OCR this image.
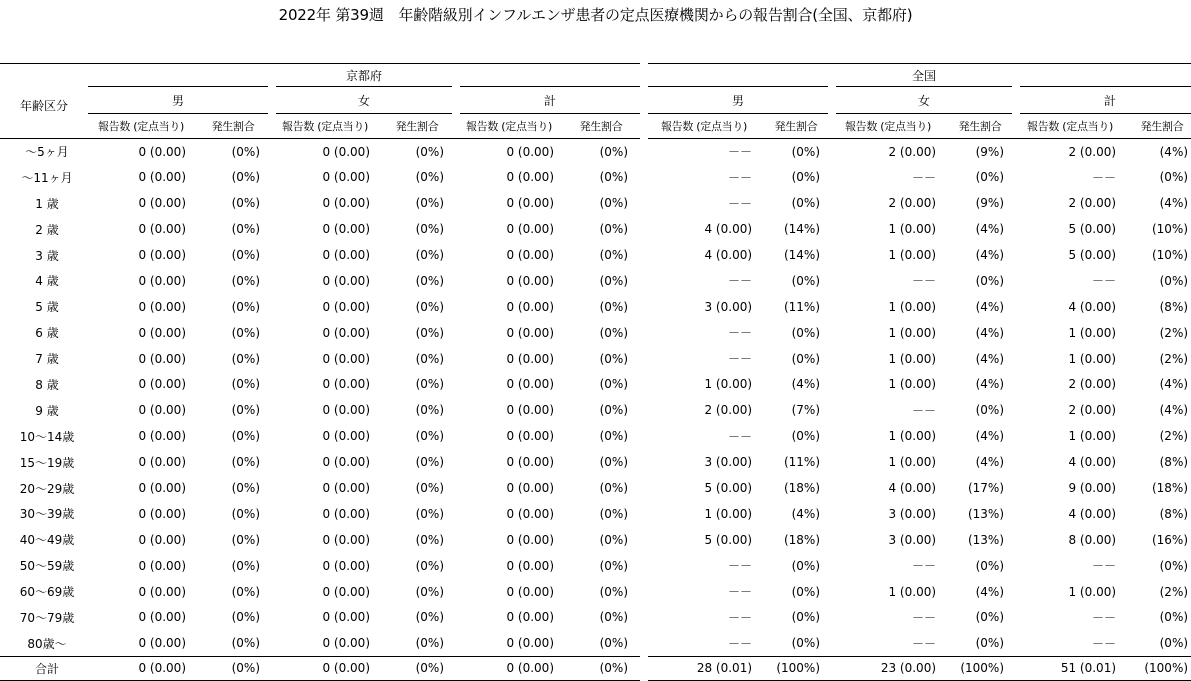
2022年 第39週　年齢階級別インフルエンザ患者の定点医療機関からの報告割合(全国、京都府)
年齢区分	京都府							全国					
	男		女		計			男		女		計	
	報告数 (定点当り)	発生割合	報告数 (定点当り)	発生割合	報告数 (定点当り)	発生割合		報告数 (定点当り)	発生割合	報告数 (定点当り)	発生割合	報告数 (定点当り)	発生割合
～5ヶ月	0 (0.00)	(0%)	0 (0.00)	(0%)	0 (0.00)	(0%)		－－	(0%)	2 (0.00)	(9%)	2 (0.00)	(4%)
～11ヶ月	0 (0.00)	(0%)	0 (0.00)	(0%)	0 (0.00)	(0%)		－－	(0%)	－－	(0%)	－－	(0%)
1 歳	0 (0.00)	(0%)	0 (0.00)	(0%)	0 (0.00)	(0%)		－－	(0%)	2 (0.00)	(9%)	2 (0.00)	(4%)
2 歳	0 (0.00)	(0%)	0 (0.00)	(0%)	0 (0.00)	(0%)		4 (0.00)	(14%)	1 (0.00)	(4%)	5 (0.00)	(10%)
3 歳	0 (0.00)	(0%)	0 (0.00)	(0%)	0 (0.00)	(0%)		4 (0.00)	(14%)	1 (0.00)	(4%)	5 (0.00)	(10%)
4 歳	0 (0.00)	(0%)	0 (0.00)	(0%)	0 (0.00)	(0%)		－－	(0%)	－－	(0%)	－－	(0%)
5 歳	0 (0.00)	(0%)	0 (0.00)	(0%)	0 (0.00)	(0%)		3 (0.00)	(11%)	1 (0.00)	(4%)	4 (0.00)	(8%)
6 歳	0 (0.00)	(0%)	0 (0.00)	(0%)	0 (0.00)	(0%)		－－	(0%)	1 (0.00)	(4%)	1 (0.00)	(2%)
7 歳	0 (0.00)	(0%)	0 (0.00)	(0%)	0 (0.00)	(0%)		－－	(0%)	1 (0.00)	(4%)	1 (0.00)	(2%)
8 歳	0 (0.00)	(0%)	0 (0.00)	(0%)	0 (0.00)	(0%)		1 (0.00)	(4%)	1 (0.00)	(4%)	2 (0.00)	(4%)
9 歳	0 (0.00)	(0%)	0 (0.00)	(0%)	0 (0.00)	(0%)		2 (0.00)	(7%)	－－	(0%)	2 (0.00)	(4%)
10～14歳	0 (0.00)	(0%)	0 (0.00)	(0%)	0 (0.00)	(0%)		－－	(0%)	1 (0.00)	(4%)	1 (0.00)	(2%)
15～19歳	0 (0.00)	(0%)	0 (0.00)	(0%)	0 (0.00)	(0%)		3 (0.00)	(11%)	1 (0.00)	(4%)	4 (0.00)	(8%)
20～29歳	0 (0.00)	(0%)	0 (0.00)	(0%)	0 (0.00)	(0%)		5 (0.00)	(18%)	4 (0.00)	(17%)	9 (0.00)	(18%)
30～39歳	0 (0.00)	(0%)	0 (0.00)	(0%)	0 (0.00)	(0%)		1 (0.00)	(4%)	3 (0.00)	(13%)	4 (0.00)	(8%)
40～49歳	0 (0.00)	(0%)	0 (0.00)	(0%)	0 (0.00)	(0%)		5 (0.00)	(18%)	3 (0.00)	(13%)	8 (0.00)	(16%)
50～59歳	0 (0.00)	(0%)	0 (0.00)	(0%)	0 (0.00)	(0%)		－－	(0%)	－－	(0%)	－－	(0%)
60～69歳	0 (0.00)	(0%)	0 (0.00)	(0%)	0 (0.00)	(0%)		－－	(0%)	1 (0.00)	(4%)	1 (0.00)	(2%)
70～79歳	0 (0.00)	(0%)	0 (0.00)	(0%)	0 (0.00)	(0%)		－－	(0%)	－－	(0%)	－－	(0%)
80歳～	0 (0.00)	(0%)	0 (0.00)	(0%)	0 (0.00)	(0%)		－－	(0%)	－－	(0%)	－－	(0%)
合計	0 (0.00)	(0%)	0 (0.00)	(0%)	0 (0.00)	(0%)		28 (0.01)	(100%)	23 (0.00)	(100%)	51 (0.01)	(100%)
